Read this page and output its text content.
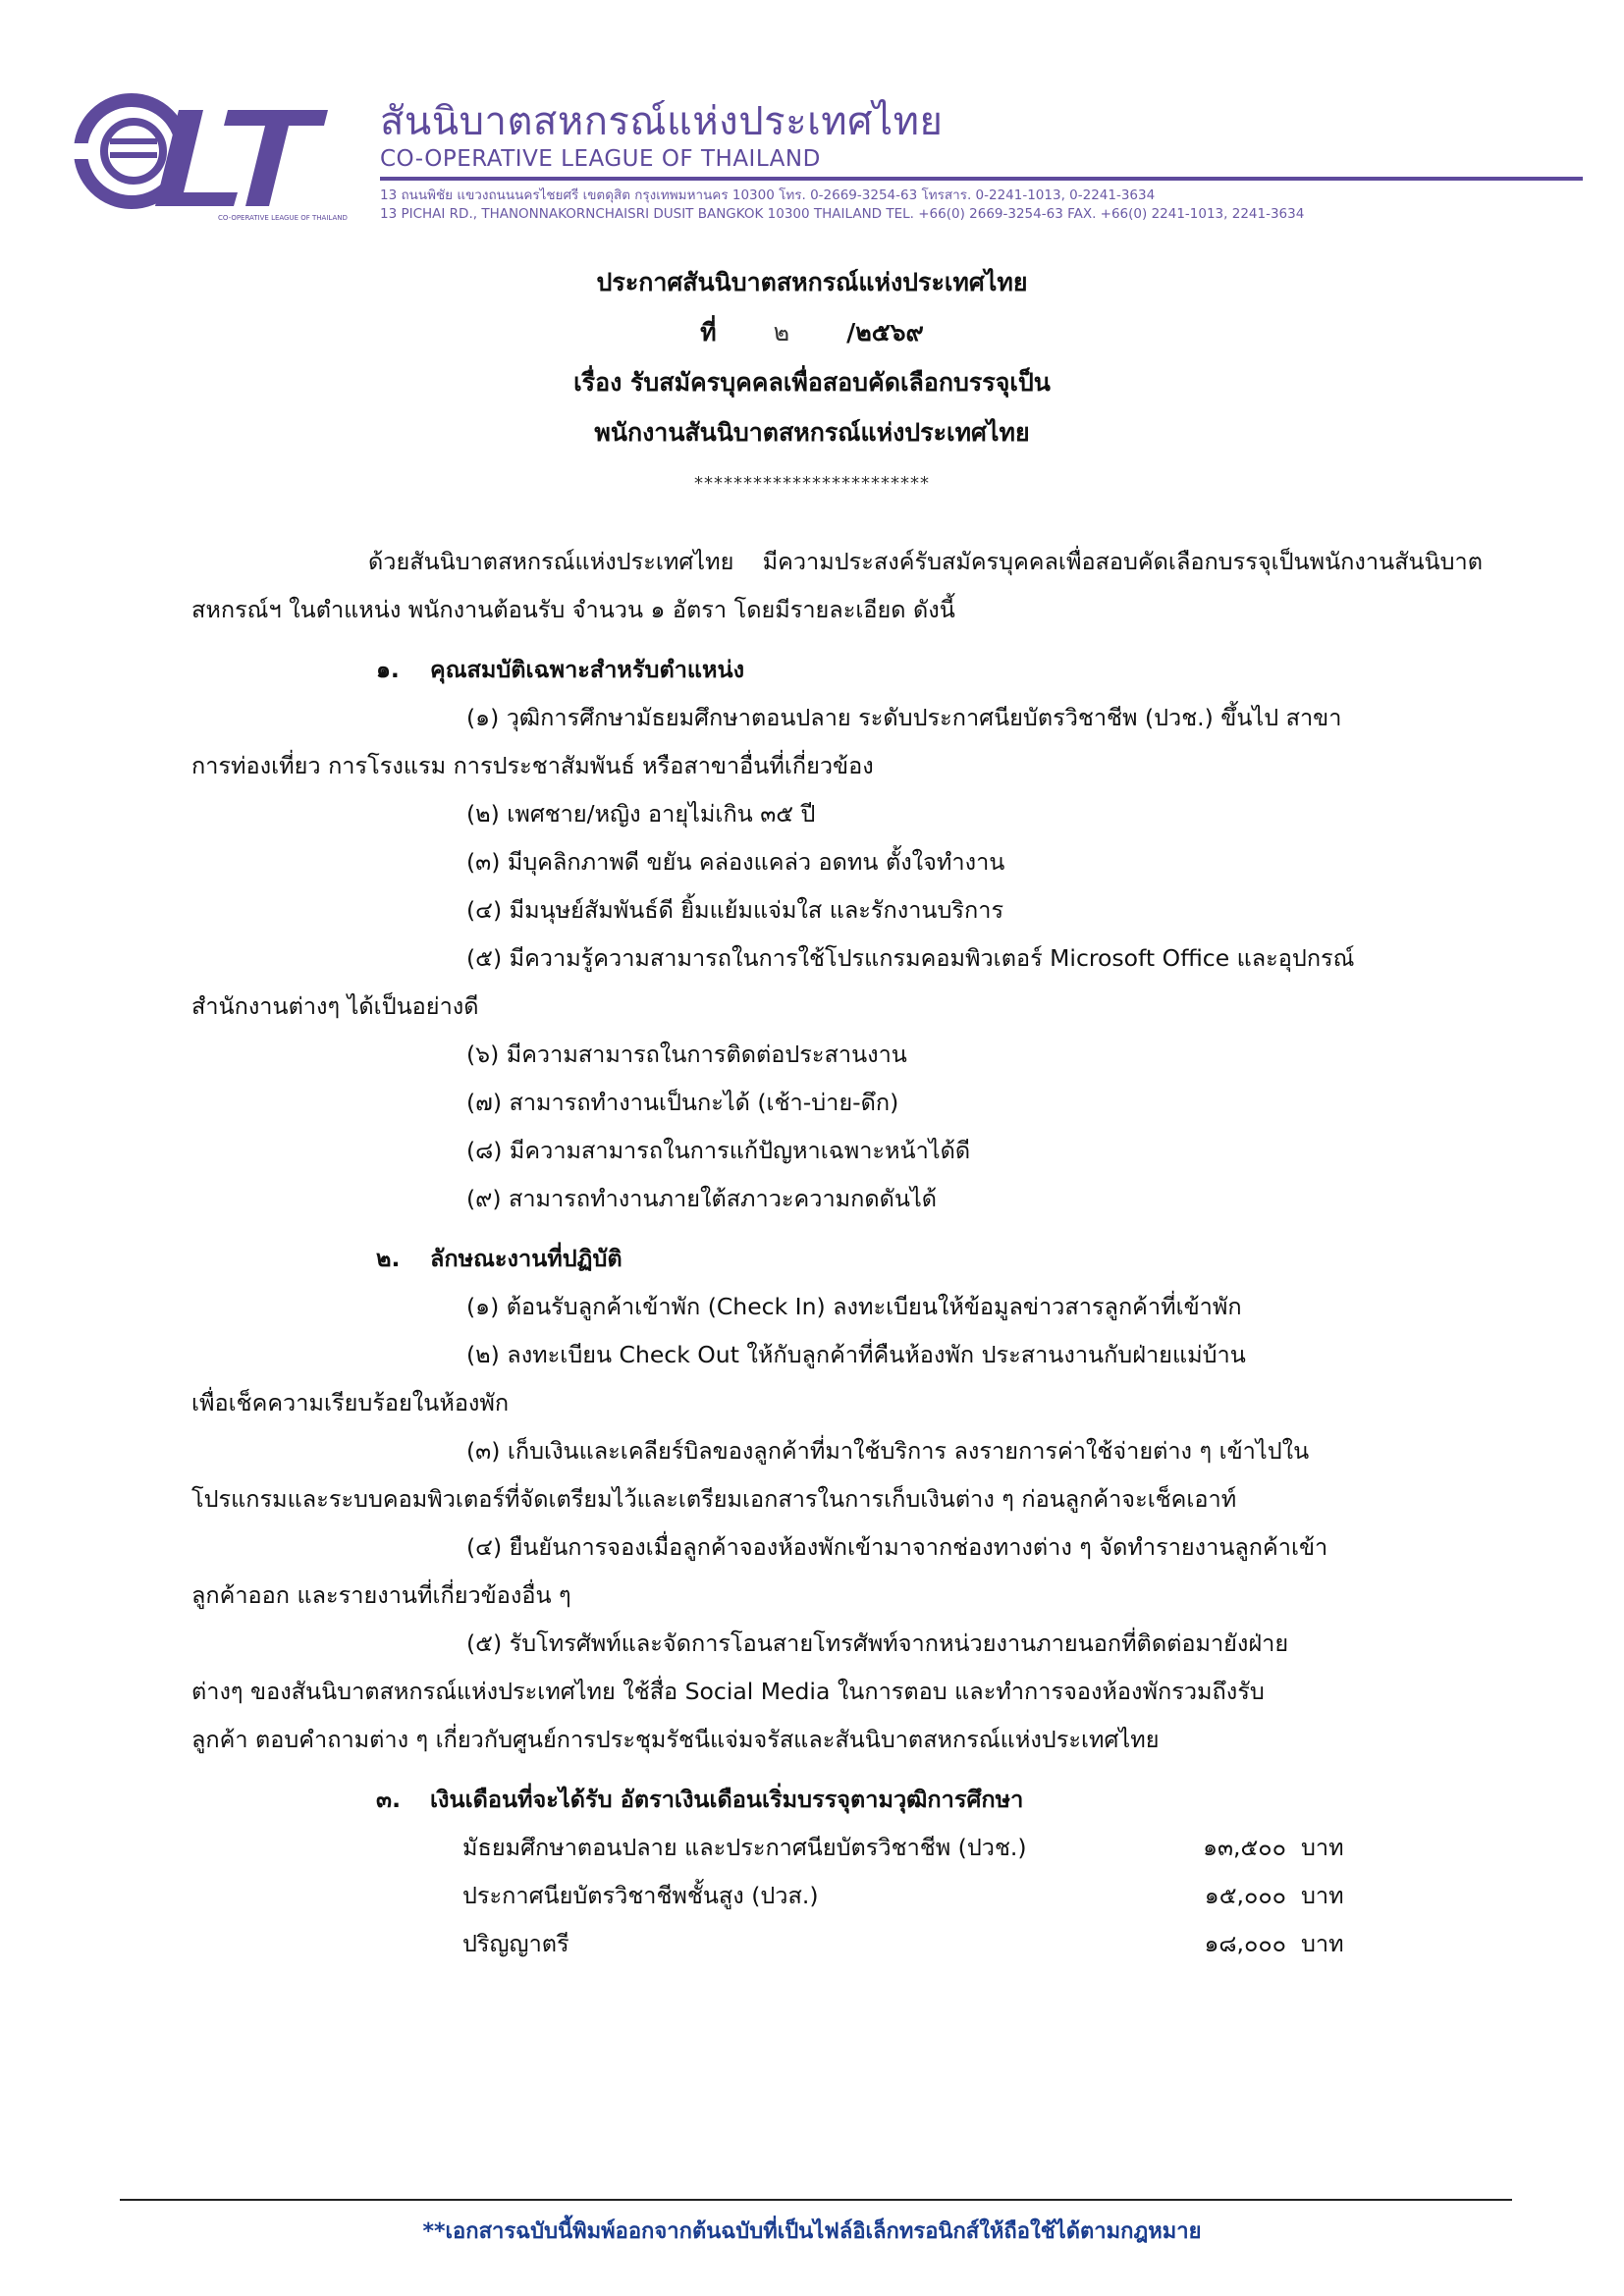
CO-OPERATIVE LEAGUE OF THAILAND
สันนิบาตสหกรณ์แห่งประเทศไทย
CO-OPERATIVE LEAGUE OF THAILAND
13 ถนนพิชัย แขวงถนนนครไชยศรี เขตดุสิต กรุงเทพมหานคร 10300 โทร. 0-2669-3254-63 โทรสาร. 0-2241-1013, 0-2241-3634
13 PICHAI RD., THANONNAKORNCHAISRI DUSIT BANGKOK 10300 THAILAND TEL. +66(0) 2669-3254-63 FAX. +66(0) 2241-1013, 2241-3634
ประกาศสันนิบาตสหกรณ์แห่งประเทศไทย
ที่ ๒ /๒๕๖๙
เรื่อง รับสมัครบุคคลเพื่อสอบคัดเลือกบรรจุเป็น
พนักงานสันนิบาตสหกรณ์แห่งประเทศไทย
************************

ด้วยสันนิบาตสหกรณ์แห่งประเทศไทย มีความประสงค์รับสมัครบุคคลเพื่อสอบคัดเลือกบรรจุเป็นพนักงานสันนิบาตสหกรณ์ฯ ในตำแหน่ง พนักงานต้อนรับ จำนวน ๑ อัตรา โดยมีรายละเอียด ดังนี้

๑. คุณสมบัติเฉพาะสำหรับตำแหน่ง
(๑) วุฒิการศึกษามัธยมศึกษาตอนปลาย ระดับประกาศนียบัตรวิชาชีพ (ปวช.) ขึ้นไป สาขา
การท่องเที่ยว การโรงแรม การประชาสัมพันธ์ หรือสาขาอื่นที่เกี่ยวข้อง
(๒) เพศชาย/หญิง อายุไม่เกิน ๓๕ ปี
(๓) มีบุคลิกภาพดี ขยัน คล่องแคล่ว อดทน ตั้งใจทำงาน
(๔) มีมนุษย์สัมพันธ์ดี ยิ้มแย้มแจ่มใส และรักงานบริการ
(๕) มีความรู้ความสามารถในการใช้โปรแกรมคอมพิวเตอร์ Microsoft Office และอุปกรณ์
สำนักงานต่างๆ ได้เป็นอย่างดี
(๖) มีความสามารถในการติดต่อประสานงาน
(๗) สามารถทำงานเป็นกะได้ (เช้า-บ่าย-ดึก)
(๘) มีความสามารถในการแก้ปัญหาเฉพาะหน้าได้ดี
(๙) สามารถทำงานภายใต้สภาวะความกดดันได้
๒. ลักษณะงานที่ปฏิบัติ
(๑) ต้อนรับลูกค้าเข้าพัก (Check In) ลงทะเบียนให้ข้อมูลข่าวสารลูกค้าที่เข้าพัก
(๒) ลงทะเบียน Check Out ให้กับลูกค้าที่คืนห้องพัก ประสานงานกับฝ่ายแม่บ้าน
เพื่อเช็คความเรียบร้อยในห้องพัก
(๓) เก็บเงินและเคลียร์บิลของลูกค้าที่มาใช้บริการ ลงรายการค่าใช้จ่ายต่าง ๆ เข้าไปใน
โปรแกรมและระบบคอมพิวเตอร์ที่จัดเตรียมไว้และเตรียมเอกสารในการเก็บเงินต่าง ๆ ก่อนลูกค้าจะเช็คเอาท์
(๔) ยืนยันการจองเมื่อลูกค้าจองห้องพักเข้ามาจากช่องทางต่าง ๆ จัดทำรายงานลูกค้าเข้า
ลูกค้าออก และรายงานที่เกี่ยวข้องอื่น ๆ
(๕) รับโทรศัพท์และจัดการโอนสายโทรศัพท์จากหน่วยงานภายนอกที่ติดต่อมายังฝ่าย
ต่างๆ ของสันนิบาตสหกรณ์แห่งประเทศไทย ใช้สื่อ Social Media ในการตอบ และทำการจองห้องพักรวมถึงรับ
ลูกค้า ตอบคำถามต่าง ๆ เกี่ยวกับศูนย์การประชุมรัชนีแจ่มจรัสและสันนิบาตสหกรณ์แห่งประเทศไทย
๓. เงินเดือนที่จะได้รับ อัตราเงินเดือนเริ่มบรรจุตามวุฒิการศึกษา
มัธยมศึกษาตอนปลาย และประกาศนียบัตรวิชาชีพ (ปวช.)	๑๓,๕๐๐ บาท
ประกาศนียบัตรวิชาชีพชั้นสูง (ปวส.)	๑๕,๐๐๐ บาท
ปริญญาตรี	๑๘,๐๐๐ บาท
**เอกสารฉบับนี้พิมพ์ออกจากต้นฉบับที่เป็นไฟล์อิเล็กทรอนิกส์ให้ถือใช้ได้ตามกฎหมาย
